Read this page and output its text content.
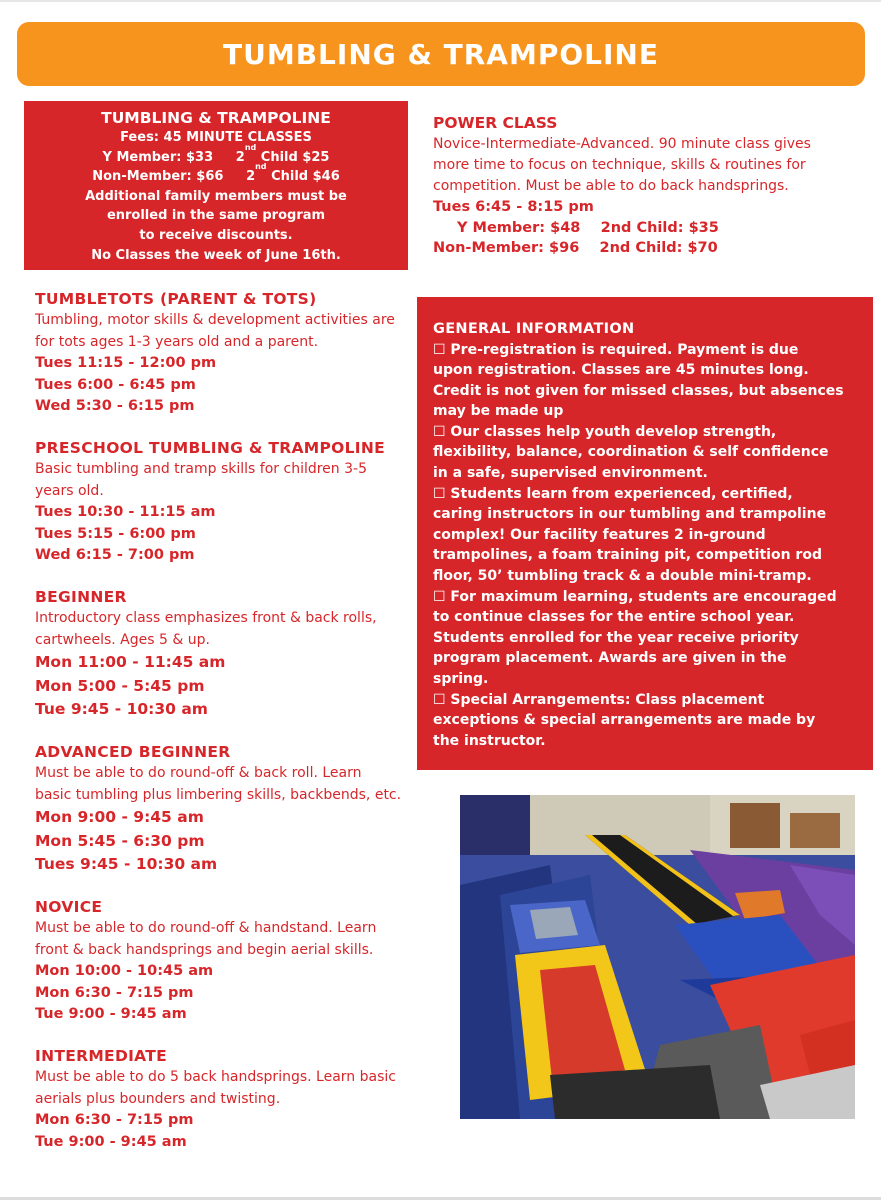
TUMBLING & TRAMPOLINE
TUMBLING & TRAMPOLINE
Fees: 45 MINUTE CLASSES
Y Member:
$33
2
nd

Child
$25
Non-Member:
$66
2
nd

Child
$46
Additional family members must be
enrolled in the same program
to receive discounts.
No Classes the week of June 16th.
POWER CLASS

Novice-Intermediate-Advanced. 90 minute class gives

more time to focus on technique, skills & routines for

competition. Must be able to do back handsprings.

Tues 6:45 - 8:15 pm
Y Member: $48 2nd Child: $35
Non-Member: $96 2nd Child: $70
TUMBLETOTS (PARENT & TOTS)

Tumbling, motor skills & development activities are

for tots ages 1-3 years old and a parent.

Tues 11:15 - 12:00 pm
Tues 6:00 - 6:45 pm
Wed 5:30 - 6:15 pm
PRESCHOOL TUMBLING & TRAMPOLINE

Basic tumbling and tramp skills for children 3-5

years old.

Tues 10:30 - 11:15 am
Tues 5:15 - 6:00 pm
Wed 6:15 - 7:00 pm
BEGINNER

Introductory class emphasizes front & back rolls,

cartwheels. Ages 5 & up.

Mon 11:00 - 11:45 am
Mon 5:00 - 5:45 pm
Tue 9:45 - 10:30 am
ADVANCED BEGINNER

Must be able to do round-off & back roll. Learn

basic tumbling plus limbering skills, backbends, etc.

Mon 9:00 - 9:45 am
Mon 5:45 - 6:30 pm
Tues 9:45 - 10:30 am
NOVICE

Must be able to do round-off & handstand. Learn

front & back handsprings and begin aerial skills.

Mon 10:00 - 10:45 am
Mon 6:30 - 7:15 pm
Tue 9:00 - 9:45 am
INTERMEDIATE

Must be able to do 5 back handsprings. Learn basic

aerials plus bounders and twisting.

Mon 6:30 - 7:15 pm
Tue 9:00 - 9:45 am
GENERAL INFORMATION

☐ Pre-registration is required. Payment is due

upon registration. Classes are 45 minutes long.

Credit is not given for missed classes, but absences

may be made up

☐ Our classes help youth develop strength,

flexibility, balance, coordination & self confidence

in a safe, supervised environment.

☐ Students learn from experienced, certified,

caring instructors in our tumbling and trampoline

complex! Our facility features 2 in-ground

trampolines, a foam training pit, competition rod

floor, 50’ tumbling track & a double mini-tramp.

☐ For maximum learning, students are encouraged

to continue classes for the entire school year.

Students enrolled for the year receive priority

program placement. Awards are given in the

spring.

☐ Special Arrangements: Class placement

exceptions & special arrangements are made by

the instructor.
